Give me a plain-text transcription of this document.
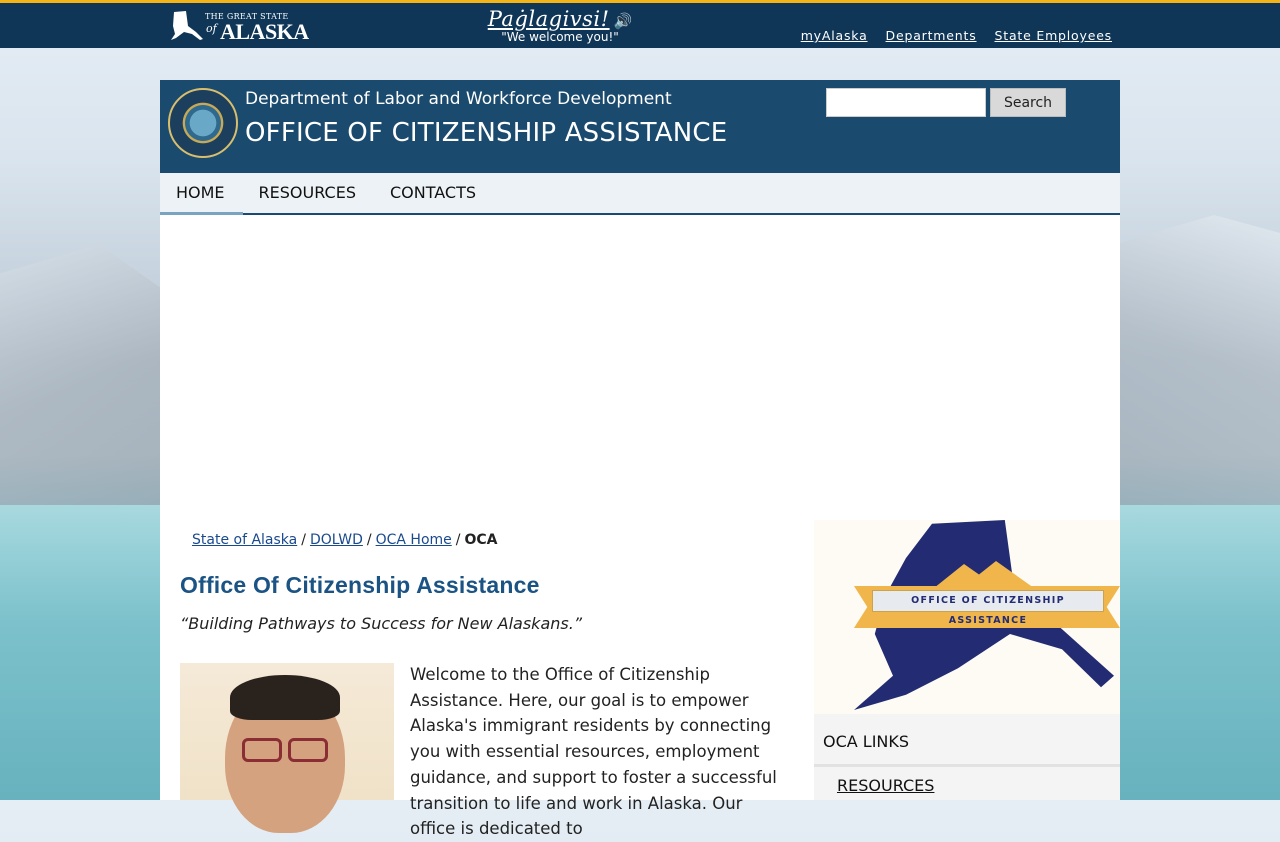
THE GREAT STATE
of ALASKA	Paġlagivsi! 🔊
"We welcome you!"	myAlaska Departments State Employees
Department of Labor and Workforce Development
OFFICE OF CITIZENSHIP ASSISTANCE
Search
HOME	RESOURCES	CONTACTS
State of Alaska / DOLWD / OCA Home / OCA
Office Of Citizenship Assistance
“Building Pathways to Success for New Alaskans.”
Welcome to the Office of Citizenship Assistance. Here, our goal is to empower Alaska's immigrant residents by connecting you with essential resources, employment guidance, and support to foster a successful transition to life and work in Alaska. Our office is dedicated to
OFFICE OF CITIZENSHIP ASSISTANCE
OCA LINKS
RESOURCES
